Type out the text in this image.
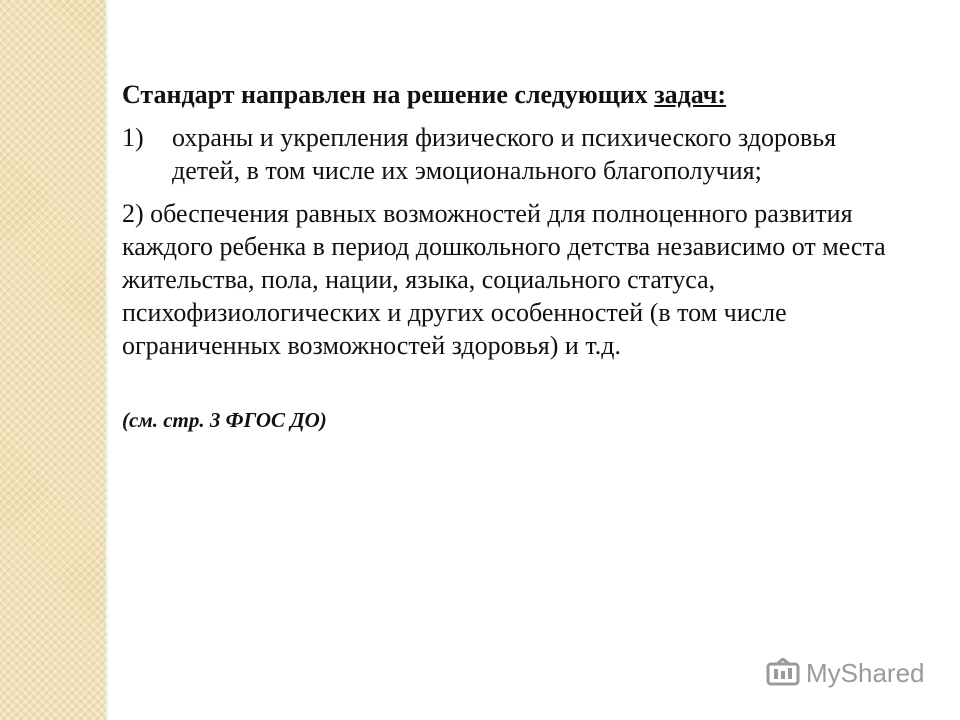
Стандарт направлен на решение следующих задач:

1)	охраны и укрепления физического и психического здоровья детей, в том числе их эмоционального благополучия;

2) обеспечения равных возможностей для полноценного развития каждого ребенка в период дошкольного детства независимо от места жительства, пола, нации, языка, социального статуса, психофизиологических и других особенностей (в том числе ограниченных возможностей здоровья) и т.д.

(см. стр. 3 ФГОС ДО)

MyShared
